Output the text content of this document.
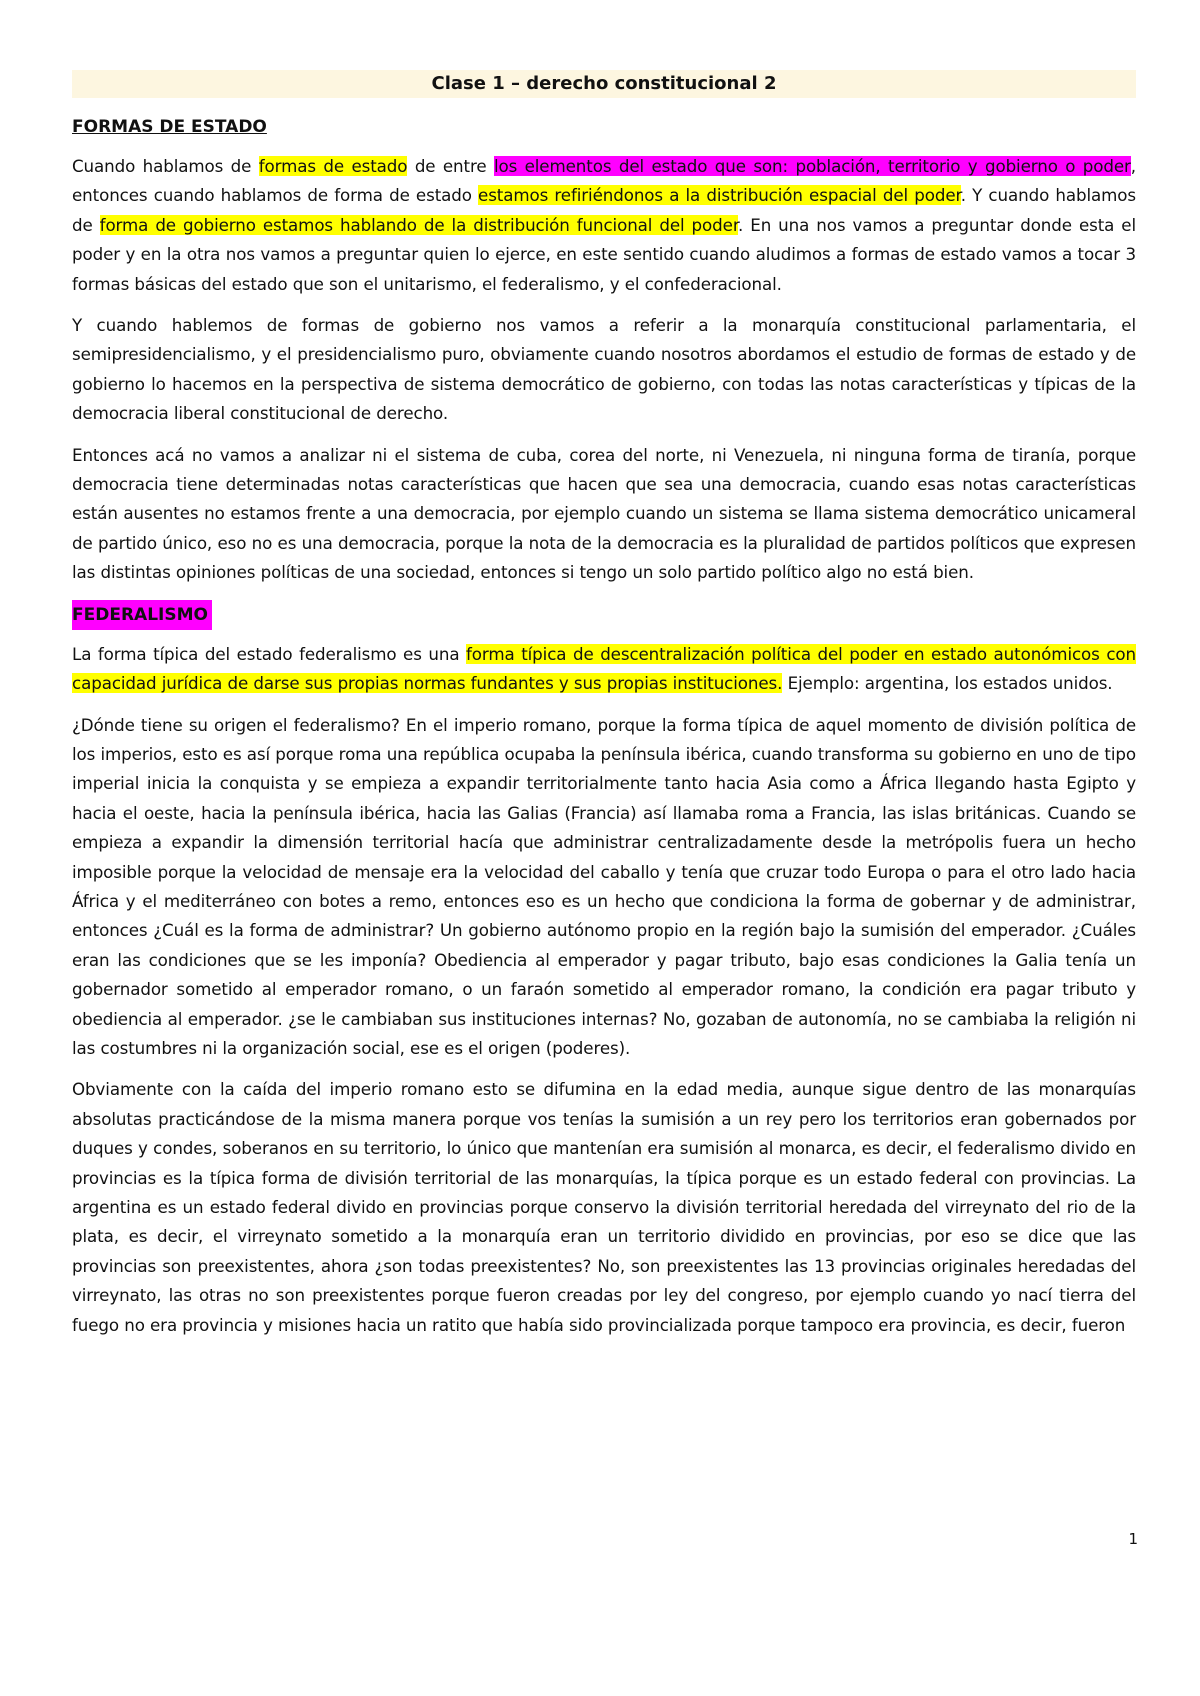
Clase 1 – derecho constitucional 2
FORMAS DE ESTADO

Cuando hablamos de formas de estado de entre los elementos del estado que son: población, territorio y gobierno o poder, entonces cuando hablamos de forma de estado estamos refiriéndonos a la distribución espacial del poder. Y cuando hablamos de forma de gobierno estamos hablando de la distribución funcional del poder. En una nos vamos a preguntar donde esta el poder y en la otra nos vamos a preguntar quien lo ejerce, en este sentido cuando aludimos a formas de estado vamos a tocar 3 formas básicas del estado que son el unitarismo, el federalismo, y el confederacional.

Y cuando hablemos de formas de gobierno nos vamos a referir a la monarquía constitucional parlamentaria, el semipresidencialismo, y el presidencialismo puro, obviamente cuando nosotros abordamos el estudio de formas de estado y de gobierno lo hacemos en la perspectiva de sistema democrático de gobierno, con todas las notas características y típicas de la democracia liberal constitucional de derecho.

Entonces acá no vamos a analizar ni el sistema de cuba, corea del norte, ni Venezuela, ni ninguna forma de tiranía, porque democracia tiene determinadas notas características que hacen que sea una democracia, cuando esas notas características están ausentes no estamos frente a una democracia, por ejemplo cuando un sistema se llama sistema democrático unicameral de partido único, eso no es una democracia, porque la nota de la democracia es la pluralidad de partidos políticos que expresen las distintas opiniones políticas de una sociedad, entonces si tengo un solo partido político algo no está bien.

FEDERALISMO

La forma típica del estado federalismo es una forma típica de descentralización política del poder en estado autonómicos con capacidad jurídica de darse sus propias normas fundantes y sus propias instituciones. Ejemplo: argentina, los estados unidos.

¿Dónde tiene su origen el federalismo? En el imperio romano, porque la forma típica de aquel momento de división política de los imperios, esto es así porque roma una república ocupaba la península ibérica, cuando transforma su gobierno en uno de tipo imperial inicia la conquista y se empieza a expandir territorialmente tanto hacia Asia como a África llegando hasta Egipto y hacia el oeste, hacia la península ibérica, hacia las Galias (Francia) así llamaba roma a Francia, las islas británicas. Cuando se empieza a expandir la dimensión territorial hacía que administrar centralizadamente desde la metrópolis fuera un hecho imposible porque la velocidad de mensaje era la velocidad del caballo y tenía que cruzar todo Europa o para el otro lado hacia África y el mediterráneo con botes a remo, entonces eso es un hecho que condiciona la forma de gobernar y de administrar, entonces ¿Cuál es la forma de administrar? Un gobierno autónomo propio en la región bajo la sumisión del emperador. ¿Cuáles eran las condiciones que se les imponía? Obediencia al emperador y pagar tributo, bajo esas condiciones la Galia tenía un gobernador sometido al emperador romano, o un faraón sometido al emperador romano, la condición era pagar tributo y obediencia al emperador. ¿se le cambiaban sus instituciones internas? No, gozaban de autonomía, no se cambiaba la religión ni las costumbres ni la organización social, ese es el origen (poderes).

Obviamente con la caída del imperio romano esto se difumina en la edad media, aunque sigue dentro de las monarquías absolutas practicándose de la misma manera porque vos tenías la sumisión a un rey pero los territorios eran gobernados por duques y condes, soberanos en su territorio, lo único que mantenían era sumisión al monarca, es decir, el federalismo divido en provincias es la típica forma de división territorial de las monarquías, la típica porque es un estado federal con provincias. La argentina es un estado federal divido en provincias porque conservo la división territorial heredada del virreynato del rio de la plata, es decir, el virreynato sometido a la monarquía eran un territorio dividido en provincias, por eso se dice que las provincias son preexistentes, ahora ¿son todas preexistentes? No, son preexistentes las 13 provincias originales heredadas del virreynato, las otras no son preexistentes porque fueron creadas por ley del congreso, por ejemplo cuando yo nací tierra del fuego no era provincia y misiones hacia un ratito que había sido provincializada porque tampoco era provincia, es decir, fueron

1
